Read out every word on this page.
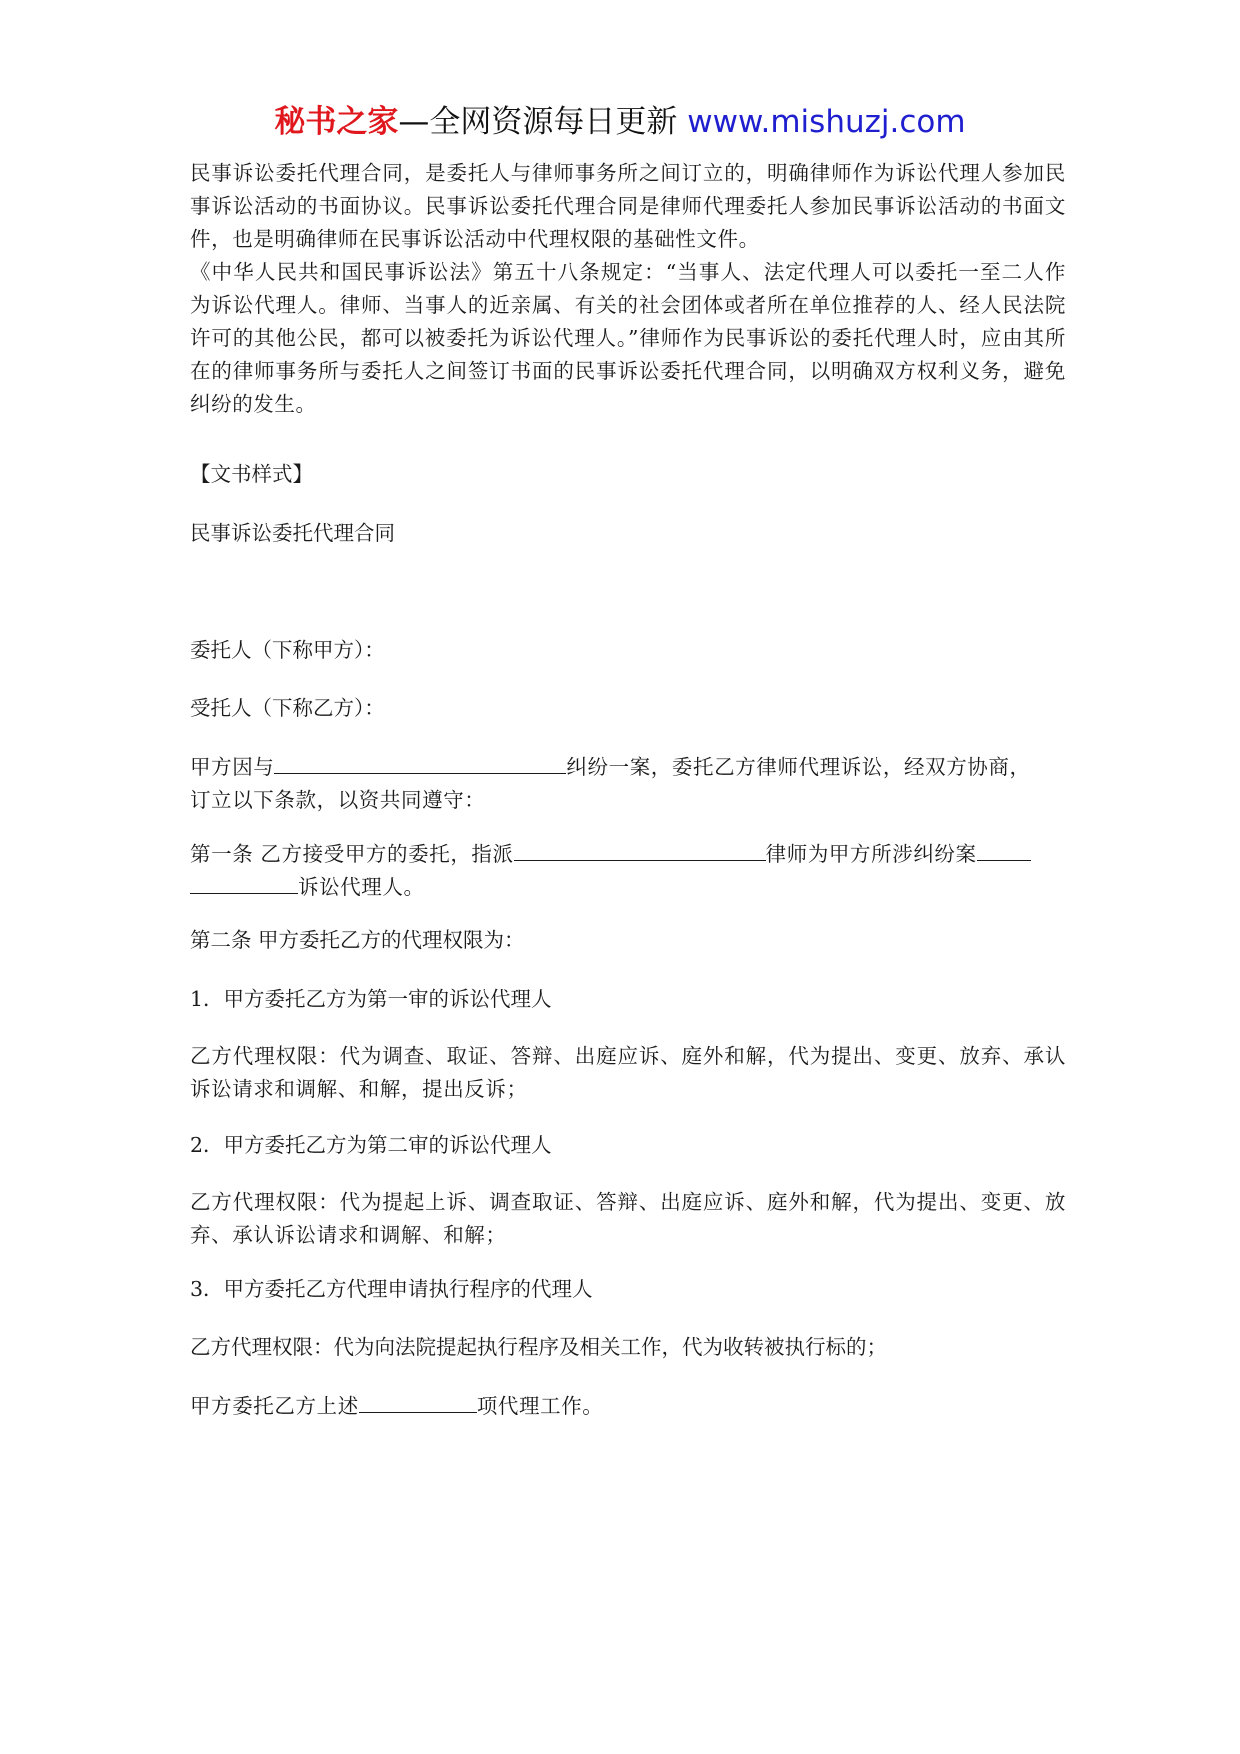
秘书之家—全网资源每日更新 www.mishuzj.com

民事诉讼委托代理合同，是委托人与律师事务所之间订立的，明确律师作为诉讼代理人参加民事诉讼活动的书面协议。民事诉讼委托代理合同是律师代理委托人参加民事诉讼活动的书面文件，也是明确律师在民事诉讼活动中代理权限的基础性文件。

《中华人民共和国民事诉讼法》第五十八条规定：“当事人、法定代理人可以委托一至二人作为诉讼代理人。律师、当事人的近亲属、有关的社会团体或者所在单位推荐的人、经人民法院许可的其他公民，都可以被委托为诉讼代理人。”律师作为民事诉讼的委托代理人时，应由其所在的律师事务所与委托人之间签订书面的民事诉讼委托代理合同，以明确双方权利义务，避免纠纷的发生。

【文书样式】
民事诉讼委托代理合同
委托人（下称甲方）：
受托人（下称乙方）：
甲方因与	纠纷一案，委托乙方律师代理诉讼，经双方协商，
订立以下条款，以资共同遵守：
第一条 乙方接受甲方的委托，指派	律师为甲方所涉纠纷案
诉讼代理人。
第二条 甲方委托乙方的代理权限为：
1．甲方委托乙方为第一审的诉讼代理人

乙方代理权限：代为调查、取证、答辩、出庭应诉、庭外和解，代为提出、变更、放弃、承认诉讼请求和调解、和解，提出反诉；

2．甲方委托乙方为第二审的诉讼代理人

乙方代理权限：代为提起上诉、调查取证、答辩、出庭应诉、庭外和解，代为提出、变更、放弃、承认诉讼请求和调解、和解；

3．甲方委托乙方代理申请执行程序的代理人
乙方代理权限：代为向法院提起执行程序及相关工作，代为收转被执行标的；
甲方委托乙方上述	项代理工作。
